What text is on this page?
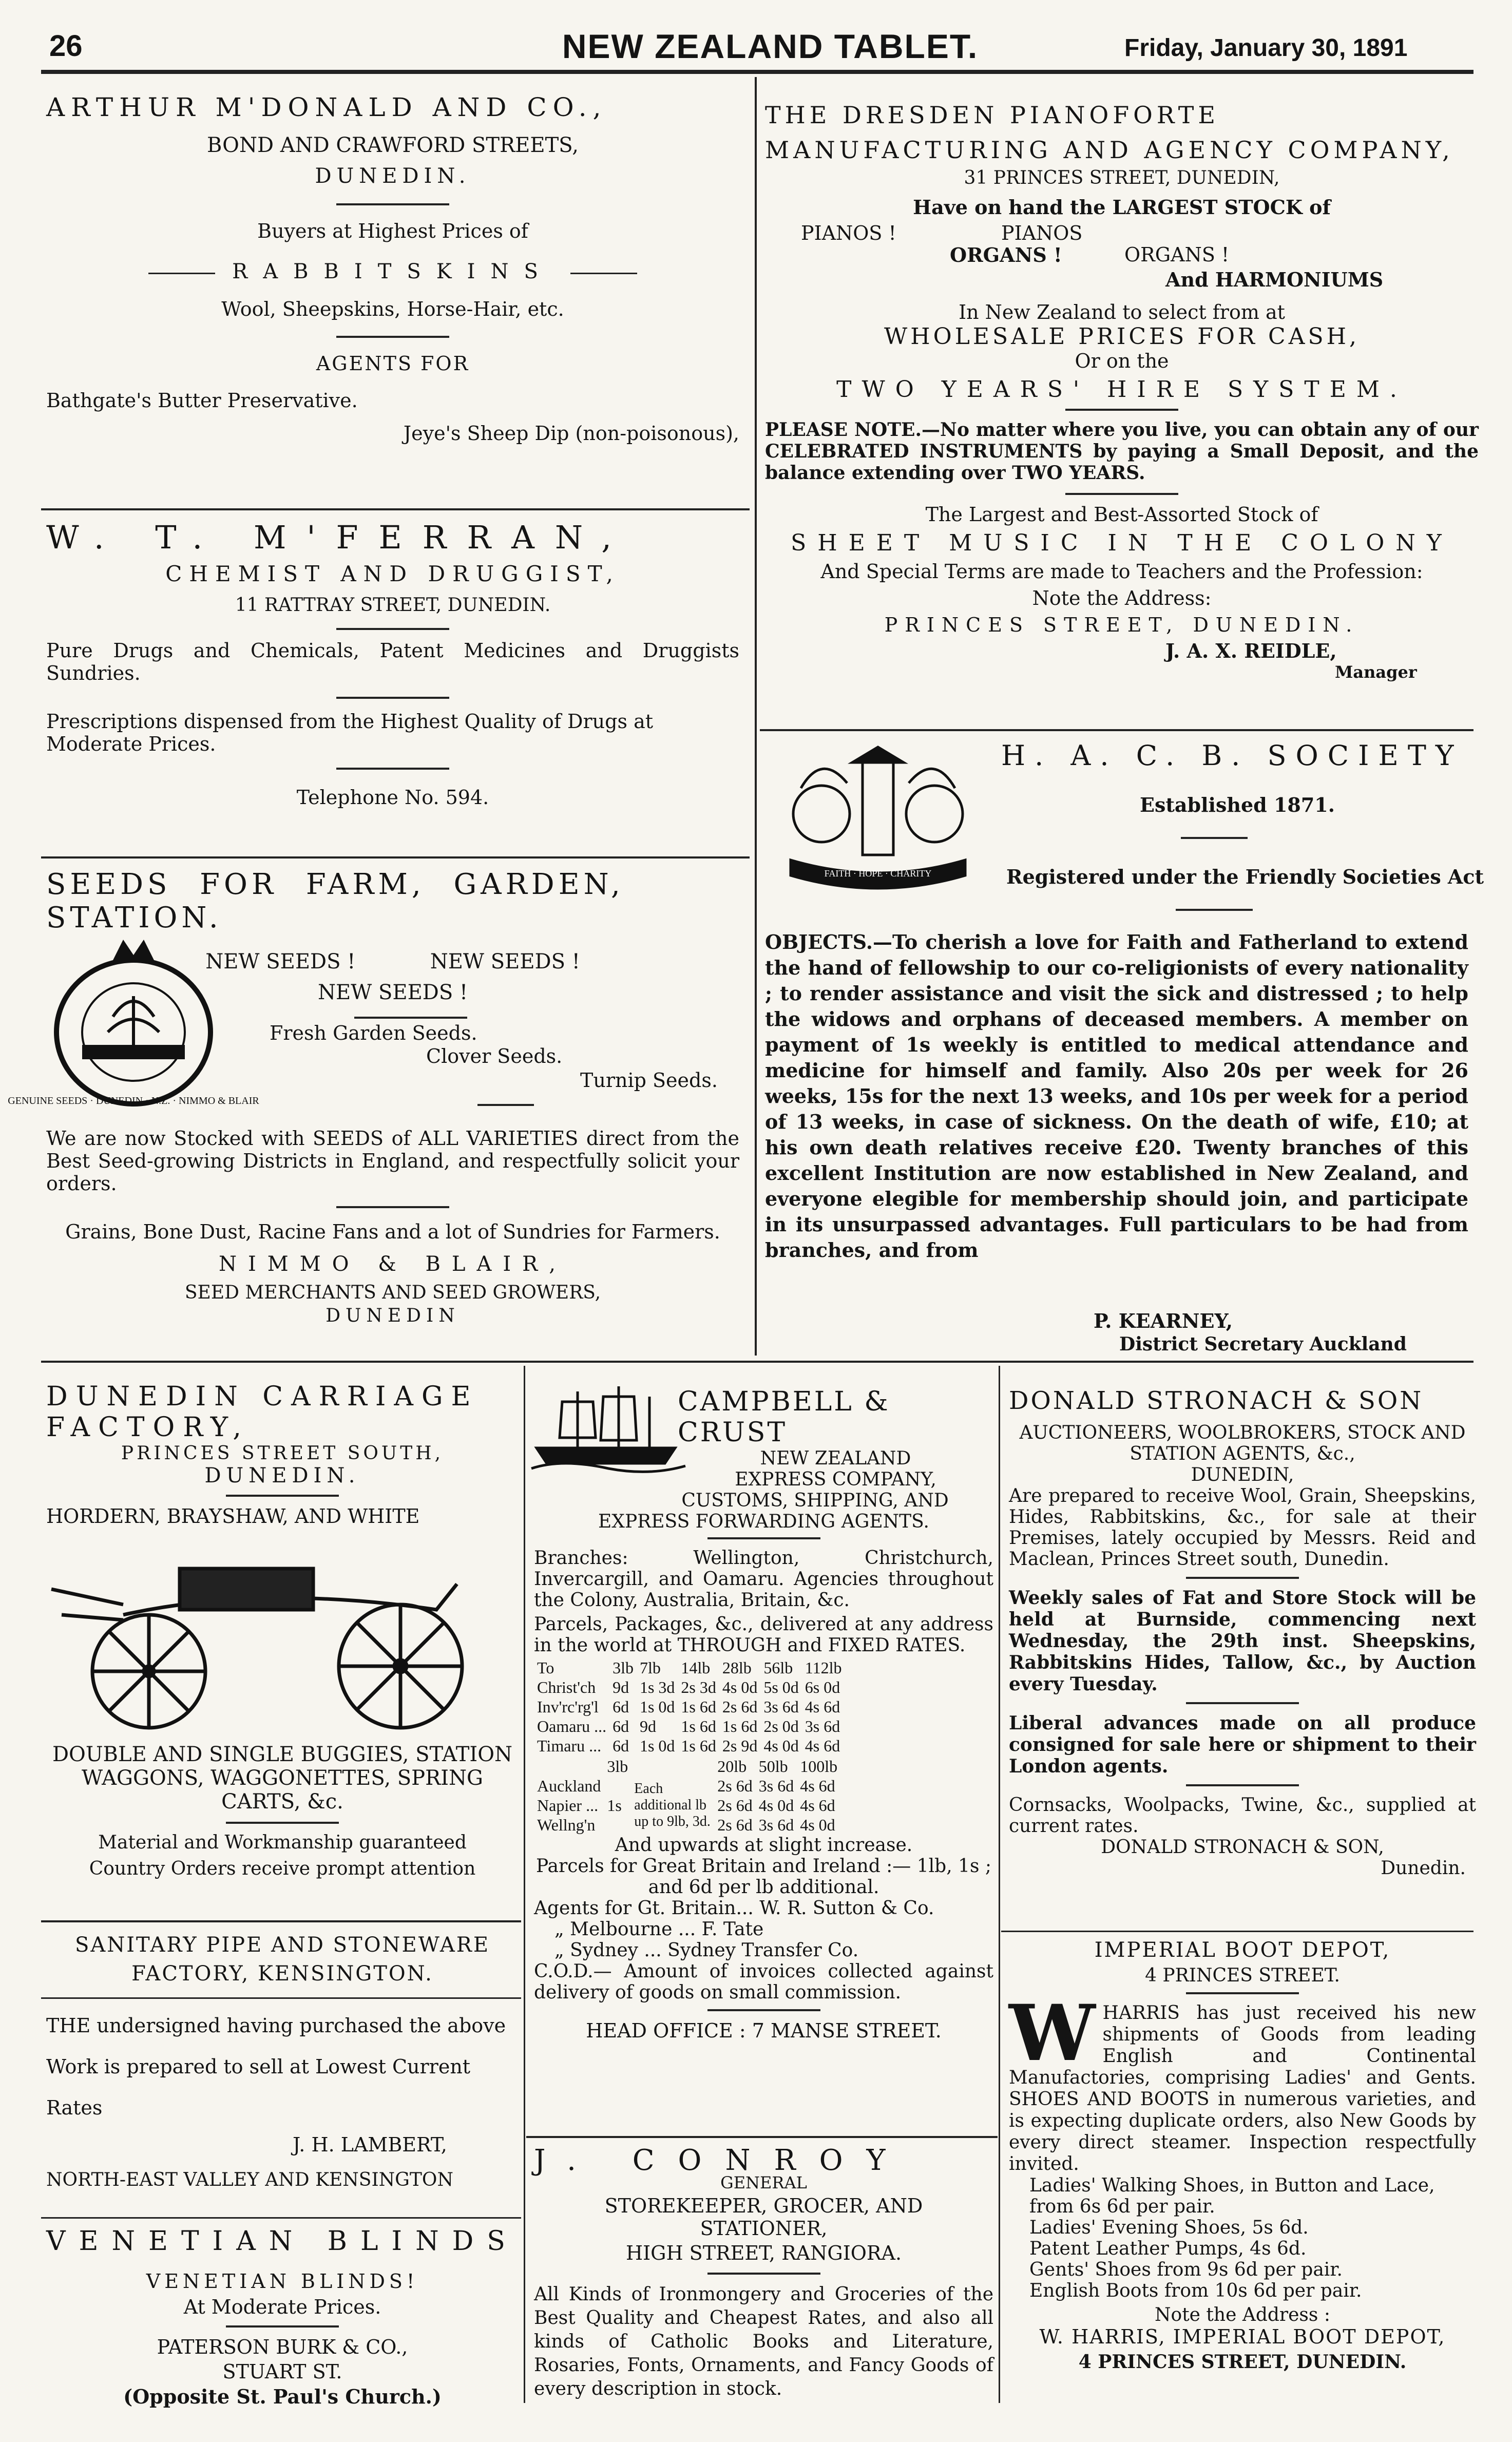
26	NEW ZEALAND TABLET.	Friday, January 30, 1891
ARTHUR M'DONALD AND CO.,
BOND AND CRAWFORD STREETS,
DUNEDIN.
Buyers at Highest Prices of
RABBITSKINS
Wool, Sheepskins, Horse-Hair, etc.
AGENTS FOR
Bathgate's Butter Preservative.
Jeye's Sheep Dip (non-poisonous),
W. T. M'FERRAN,
CHEMIST AND DRUGGIST,
11 RATTRAY STREET, DUNEDIN.

Pure Drugs and Chemicals, Patent Medicines and Druggists Sundries.

Prescriptions dispensed from the Highest Quality of Drugs at Moderate Prices.

Telephone No. 594.
SEEDS FOR FARM, GARDEN, STATION.
NEW SEEDS !	NEW SEEDS !
NEW SEEDS !
GENUINE SEEDS · DUNEDIN · N.Z. · NIMMO & BLAIR
Fresh Garden Seeds.
Clover Seeds.
Turnip Seeds.

We are now Stocked with SEEDS of ALL VARIETIES direct from the Best Seed-growing Districts in England, and respectfully solicit your orders.

Grains, Bone Dust, Racine Fans and a lot of Sundries for Farmers.

NIMMO & BLAIR,
SEED MERCHANTS AND SEED GROWERS,
DUNEDIN
THE DRESDEN PIANOFORTE MANUFACTURING AND AGENCY COMPANY,
31 PRINCES STREET, DUNEDIN,
Have on hand the LARGEST STOCK of
PIANOS !	PIANOS
ORGANS !	ORGANS !
And HARMONIUMS
In New Zealand to select from at
WHOLESALE PRICES FOR CASH,
Or on the
TWO YEARS' HIRE SYSTEM.

PLEASE NOTE.—No matter where you live, you can obtain any of our CELEBRATED INSTRUMENTS by paying a Small Deposit, and the balance extending over TWO YEARS.

The Largest and Best-Assorted Stock of
SHEET MUSIC IN THE COLONY
And Special Terms are made to Teachers and the Profession:
Note the Address:
PRINCES STREET, DUNEDIN.
J. A. X. REIDLE,
Manager
FAITH · HOPE · CHARITY
H. A. C. B. SOCIETY
Established 1871.
Registered under the Friendly Societies Act

OBJECTS.—To cherish a love for Faith and Fatherland to extend the hand of fellowship to our co-religionists of every nationality ; to render assistance and visit the sick and distressed ; to help the widows and orphans of deceased members. A member on payment of 1s weekly is entitled to medical attendance and medicine for himself and family. Also 20s per week for 26 weeks, 15s for the next 13 weeks, and 10s per week for a period of 13 weeks, in case of sickness. On the death of wife, £10; at his own death relatives receive £20. Twenty branches of this excellent Institution are now established in New Zealand, and everyone elegible for membership should join, and participate in its unsurpassed advantages. Full particulars to be had from branches, and from

P. KEARNEY,
District Secretary Auckland
DUNEDIN CARRIAGE FACTORY,
PRINCES STREET SOUTH,
DUNEDIN.
HORDERN, BRAYSHAW, AND WHITE
DOUBLE AND SINGLE BUGGIES, STATION WAGGONS, WAGGONETTES, SPRING CARTS, &c.
Material and Workmanship guaranteed
Country Orders receive prompt attention
SANITARY PIPE AND STONEWARE FACTORY, KENSINGTON.

THE undersigned having purchased the above Work is prepared to sell at Lowest Current Rates

J. H. LAMBERT,
NORTH-EAST VALLEY AND KENSINGTON
VENETIAN BLINDS
VENETIAN BLINDS!
At Moderate Prices.
PATERSON BURK & CO.,
STUART ST.
(Opposite St. Paul's Church.)
CAMPBELL & CRUST
NEW ZEALAND
EXPRESS COMPANY,
CUSTOMS, SHIPPING, AND
EXPRESS FORWARDING AGENTS.

Branches: Wellington, Christchurch, Invercargill, and Oamaru. Agencies throughout the Colony, Australia, Britain, &c.

Parcels, Packages, &c., delivered at any address in the world at THROUGH and FIXED RATES.

To	3lb	7lb	14lb	28lb	56lb	112lb
Christ'ch	9d	1s 3d	2s 3d	4s 0d	5s 0d	6s 0d
Inv'rc'rg'l	6d	1s 0d	1s 6d	2s 6d	3s 6d	4s 6d
Oamaru ...	6d	9d	1s 6d	1s 6d	2s 0d	3s 6d
Timaru ...	6d	1s 0d	1s 6d	2s 9d	4s 0d	4s 6d
	3lb		20lb	50lb	100lb
Auckland		Each additional lb up to 9lb, 3d.	2s 6d	3s 6d	4s 6d
Napier ...	1s		2s 6d	4s 0d	4s 6d
Wellng'n			2s 6d	3s 6d	4s 0d
And upwards at slight increase.

Parcels for Great Britain and Ireland :— 1lb, 1s ; and 6d per lb additional.

Agents for Gt. Britain... W. R. Sutton & Co.
„ Melbourne ... F. Tate
„ Sydney ... Sydney Transfer Co.

C.O.D.— Amount of invoices collected against delivery of goods on small commission.

HEAD OFFICE : 7 MANSE STREET.
J. CONROY
GENERAL
STOREKEEPER, GROCER, AND STATIONER,
HIGH STREET, RANGIORA.

All Kinds of Ironmongery and Groceries of the Best Quality and Cheapest Rates, and also all kinds of Catholic Books and Literature, Rosaries, Fonts, Ornaments, and Fancy Goods of every description in stock.

DONALD STRONACH & SON
AUCTIONEERS, WOOLBROKERS, STOCK AND STATION AGENTS, &c.,
DUNEDIN,

Are prepared to receive Wool, Grain, Sheepskins, Hides, Rabbitskins, &c., for sale at their Premises, lately occupied by Messrs. Reid and Maclean, Princes Street south, Dunedin.

Weekly sales of Fat and Store Stock will be held at Burnside, commencing next Wednesday, the 29th inst. Sheepskins, Rabbitskins Hides, Tallow, &c., by Auction every Tuesday.

Liberal advances made on all produce consigned for sale here or shipment to their London agents.

Cornsacks, Woolpacks, Twine, &c., supplied at current rates.

DONALD STRONACH & SON,
Dunedin.
IMPERIAL BOOT DEPOT,
4 PRINCES STREET.

WHARRIS has just received his new shipments of Goods from leading English and Continental Manufactories, comprising Ladies' and Gents. SHOES AND BOOTS in numerous varieties, and is expecting duplicate orders, also New Goods by every direct steamer. Inspection respectfully invited.

Ladies' Walking Shoes, in Button and Lace, from 6s 6d per pair.
Ladies' Evening Shoes, 5s 6d.
Patent Leather Pumps, 4s 6d.
Gents' Shoes from 9s 6d per pair.
English Boots from 10s 6d per pair.
Note the Address :
W. HARRIS, IMPERIAL BOOT DEPOT,
4 PRINCES STREET, DUNEDIN.
